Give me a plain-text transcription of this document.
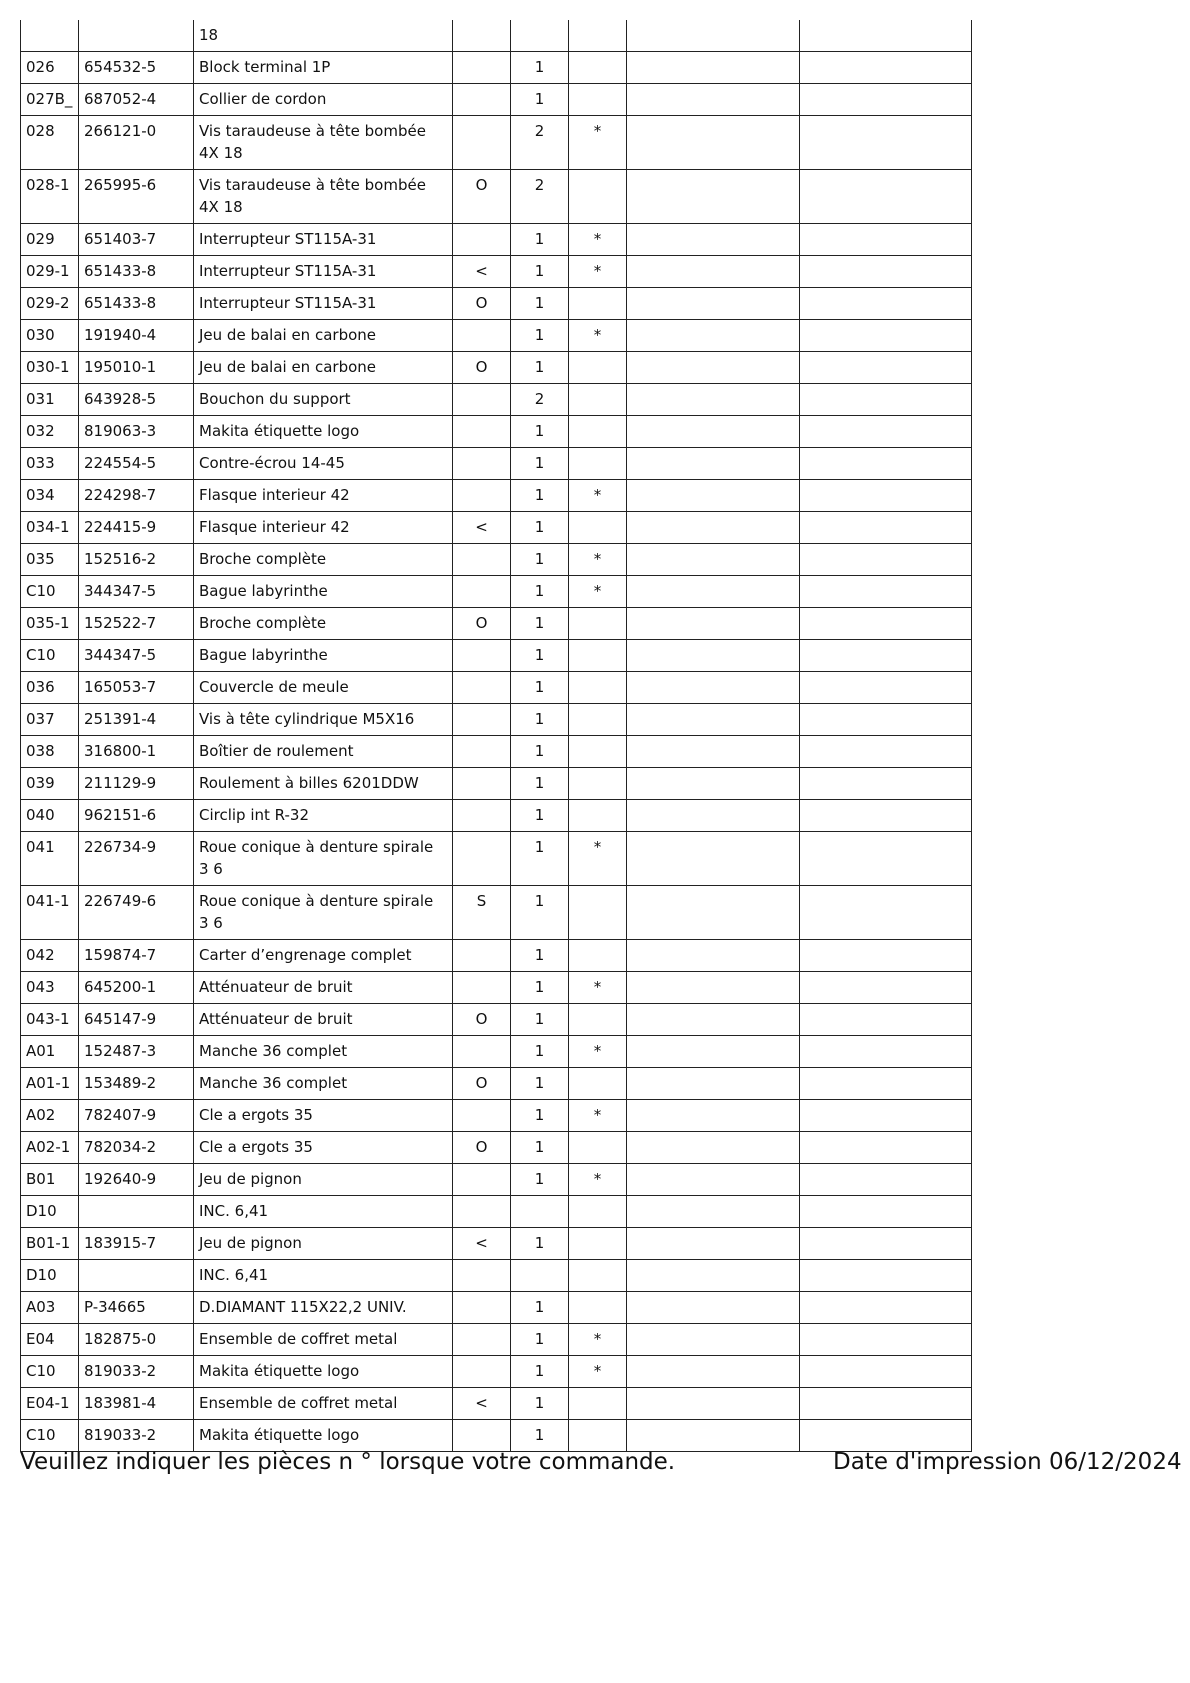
		18					
026	654532-5	Block terminal 1P		1			
027B_	687052-4	Collier de cordon		1			
028	266121-0	Vis taraudeuse à tête bombée 4X 18		2	*		
028-1	265995-6	Vis taraudeuse à tête bombée 4X 18	O	2			
029	651403-7	Interrupteur ST115A-31		1	*		
029-1	651433-8	Interrupteur ST115A-31	<	1	*		
029-2	651433-8	Interrupteur ST115A-31	O	1			
030	191940-4	Jeu de balai en carbone		1	*		
030-1	195010-1	Jeu de balai en carbone	O	1			
031	643928-5	Bouchon du support		2			
032	819063-3	Makita étiquette logo		1			
033	224554-5	Contre-écrou 14-45		1			
034	224298-7	Flasque interieur 42		1	*		
034-1	224415-9	Flasque interieur 42	<	1			
035	152516-2	Broche complète		1	*		
C10	344347-5	Bague labyrinthe		1	*		
035-1	152522-7	Broche complète	O	1			
C10	344347-5	Bague labyrinthe		1			
036	165053-7	Couvercle de meule		1			
037	251391-4	Vis à tête cylindrique M5X16		1			
038	316800-1	Boîtier de roulement		1			
039	211129-9	Roulement à billes 6201DDW		1			
040	962151-6	Circlip int R-32		1			
041	226734-9	Roue conique à denture spirale 3 6		1	*		
041-1	226749-6	Roue conique à denture spirale 3 6	S	1			
042	159874-7	Carter d’engrenage complet		1			
043	645200-1	Atténuateur de bruit		1	*		
043-1	645147-9	Atténuateur de bruit	O	1			
A01	152487-3	Manche 36 complet		1	*		
A01-1	153489-2	Manche 36 complet	O	1			
A02	782407-9	Cle a ergots 35		1	*		
A02-1	782034-2	Cle a ergots 35	O	1			
B01	192640-9	Jeu de pignon		1	*		
D10		INC. 6,41					
B01-1	183915-7	Jeu de pignon	<	1			
D10		INC. 6,41					
A03	P-34665	D.DIAMANT 115X22,2 UNIV.		1			
E04	182875-0	Ensemble de coffret metal		1	*		
C10	819033-2	Makita étiquette logo		1	*		
E04-1	183981-4	Ensemble de coffret metal	<	1			
C10	819033-2	Makita étiquette logo		1			
Veuillez indiquer les pièces n ° lorsque votre commande.	Date d'impression 06/12/2024
